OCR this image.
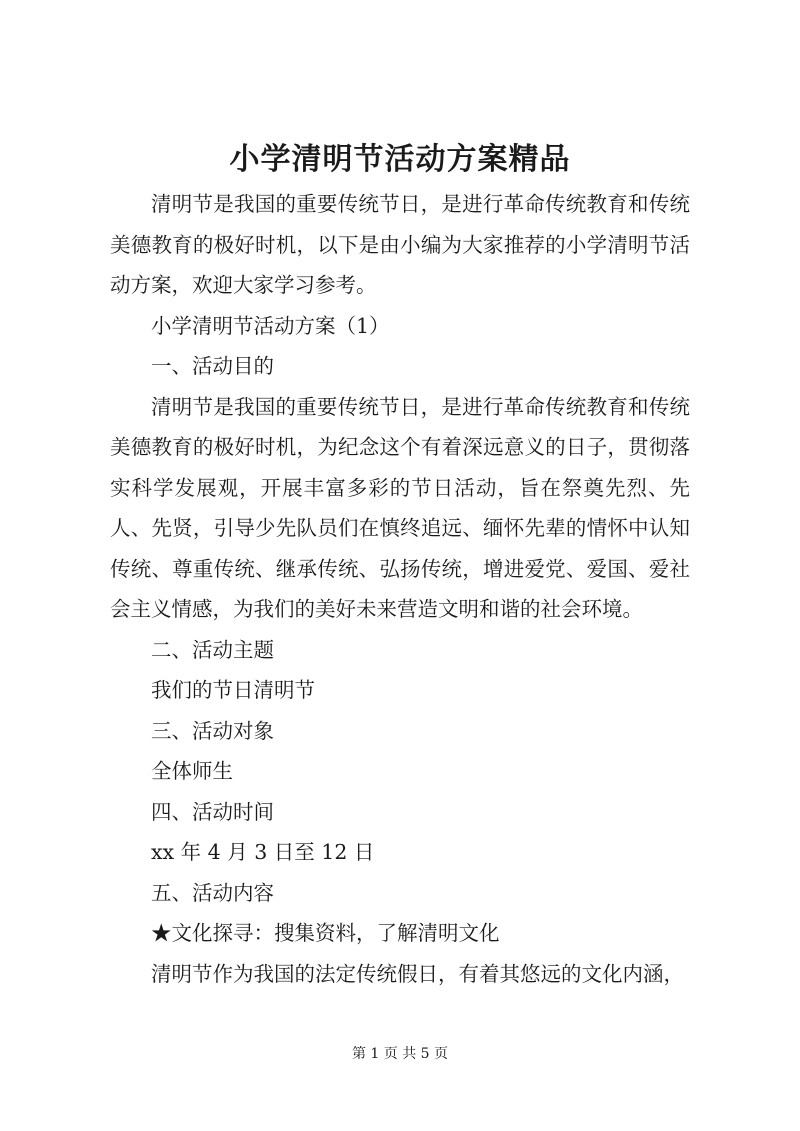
小学清明节活动方案精品

清明节是我国的重要传统节日，是进行革命传统教育和传统美德教育的极好时机，以下是由小编为大家推荐的小学清明节活动方案，欢迎大家学习参考。

小学清明节活动方案（1）

一、活动目的

清明节是我国的重要传统节日，是进行革命传统教育和传统美德教育的极好时机，为纪念这个有着深远意义的日子，贯彻落实科学发展观，开展丰富多彩的节日活动，旨在祭奠先烈、先人、先贤，引导少先队员们在慎终追远、缅怀先辈的情怀中认知传统、尊重传统、继承传统、弘扬传统，增进爱党、爱国、爱社会主义情感，为我们的美好未来营造文明和谐的社会环境。

二、活动主题

我们的节日清明节

三、活动对象

全体师生

四、活动时间

xx 年 4 月 3 日至 12 日

五、活动内容

★文化探寻：搜集资料，了解清明文化

清明节作为我国的法定传统假日，有着其悠远的文化内涵，

第 1 页 共 5 页
